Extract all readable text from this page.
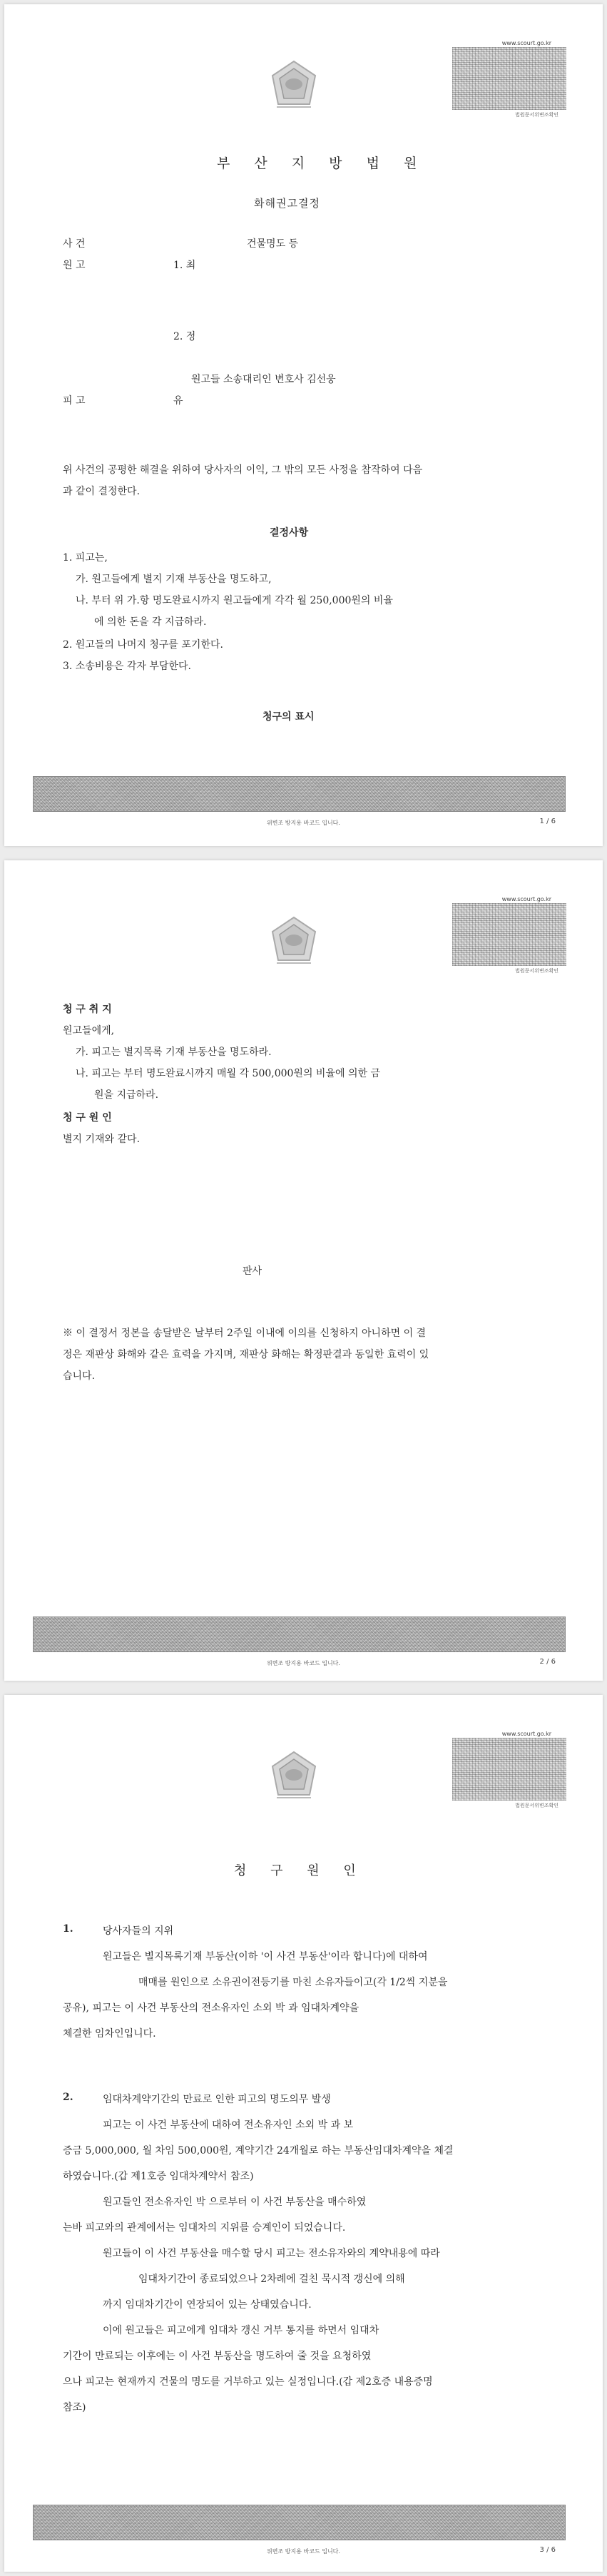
www.scourt.go.kr
법원문서위변조확인
부 산 지 방 법 원
화해권고결정
사 건	건물명도 등
원 고	1. 최
2. 정
원고들 소송대리인 변호사 김선웅
피 고	유
위 사건의 공평한 해결을 위하여 당사자의 이익, 그 밖의 모든 사정을 참작하여 다음
과 같이 결정한다.
결정사항
1. 피고는,
가. 원고들에게 별지 기재 부동산을 명도하고,
나. 부터 위 가.항 명도완료시까지 원고들에게 각각 월 250,000원의 비율
에 의한 돈을 각 지급하라.
2. 원고들의 나머지 청구를 포기한다.
3. 소송비용은 각자 부담한다.
청구의 표시
위변조 방지용 바코드 입니다.	1 / 6
www.scourt.go.kr
법원문서위변조확인
청 구 취 지
원고들에게,
가. 피고는 별지목록 기재 부동산을 명도하라.
나. 피고는 부터 명도완료시까지 매월 각 500,000원의 비율에 의한 금
원을 지급하라.
청 구 원 인
별지 기재와 같다.
판사
※ 이 결정서 정본을 송달받은 날부터 2주일 이내에 이의를 신청하지 아니하면 이 결
정은 재판상 화해와 같은 효력을 가지며, 재판상 화해는 확정판결과 동일한 효력이 있
습니다.
위변조 방지용 바코드 입니다.	2 / 6
www.scourt.go.kr
법원문서위변조확인
청 구 원 인
1.	당사자들의 지위
원고들은 별지목록기재 부동산(이하 '이 사건 부동산'이라 합니다)에 대하여
매매를 원인으로 소유권이전등기를 마친 소유자들이고(각 1/2씩 지분을
공유), 피고는 이 사건 부동산의 전소유자인 소외 박 과 임대차계약을
체결한 임차인입니다.
2.	임대차계약기간의 만료로 인한 피고의 명도의무 발생
피고는 이 사건 부동산에 대하여 전소유자인 소외 박 과 보
증금 5,000,000, 월 차임 500,000원, 계약기간 24개월로 하는 부동산임대차계약을 체결
하였습니다.(갑 제1호증 임대차계약서 참조)
원고들인 전소유자인 박 으로부터 이 사건 부동산을 매수하였
는바 피고와의 관계에서는 임대차의 지위를 승계인이 되었습니다.
원고들이 이 사건 부동산을 매수할 당시 피고는 전소유자와의 계약내용에 따라
임대차기간이 종료되었으나 2차례에 걸친 묵시적 갱신에 의해
까지 임대차기간이 연장되어 있는 상태였습니다.
이에 원고들은 피고에게 임대차 갱신 거부 통지를 하면서 임대차
기간이 만료되는 이후에는 이 사건 부동산을 명도하여 줄 것을 요청하였
으나 피고는 현재까지 건물의 명도를 거부하고 있는 실정입니다.(갑 제2호증 내용증명
참조)
위변조 방지용 바코드 입니다.	3 / 6
